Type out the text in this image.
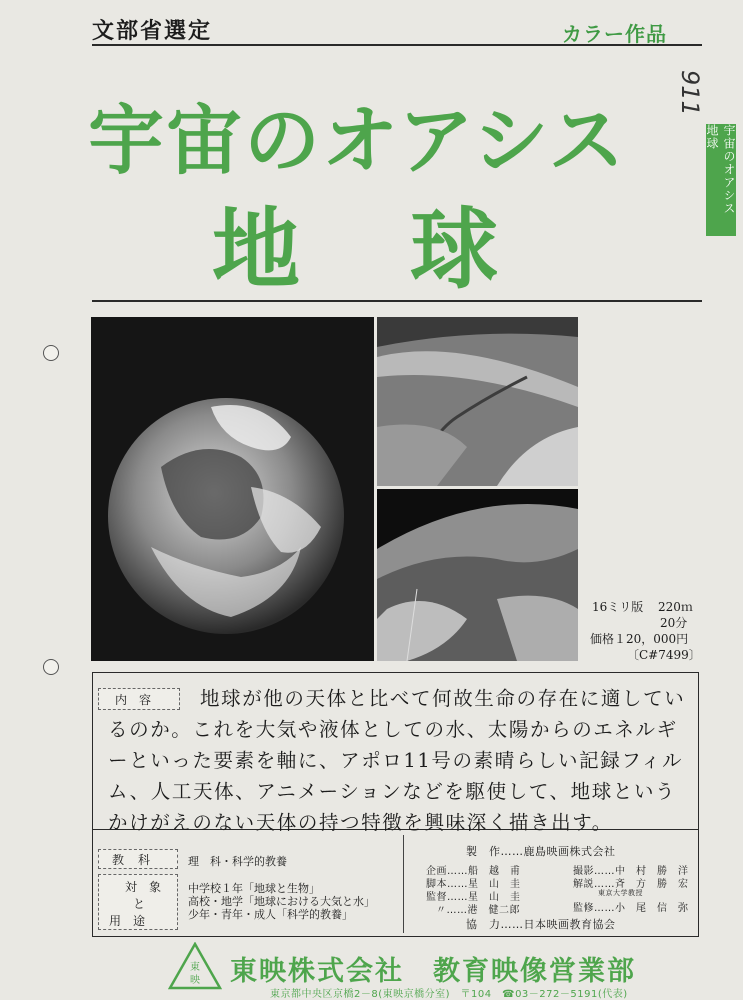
文部省選定	カラー作品
911
宇宙のオアシス
地球
宇宙のオアシス　地球
16ミリ版 220ｍ
20分
価格１20，000円
〔C#7499〕
地球が他の天体と比べて何故生命の存在に適しているのか。これを大気や液体としての水、太陽からのエネルギーといった要素を軸に、アポロ11号の素晴らしい記録フィルム、人工天体、アニメーションなどを駆使して、地球というかけがえのない天体の持つ特徴を興味深く描き出す。
内容
教科	理　科・科学的教養
対　象
と
用　途
中学校１年「地球と生物」
高校・地学「地球における大気と水」
少年・青年・成人「科学的教養」
製　作……鹿島映画株式会社
企画……船　越　甫
脚本……星　山　圭
監督……星　山　圭
〃……港　健二郎
撮影……中　村　勝　洋
解説……斉　方　勝　宏
東京大学教授
監修……小　尾　信　弥
協　力……日本映画教育協会
東
映 東映株式会社　教育映像営業部
東京都中央区京橋2－8(東映京橋分室)　〒104　☎03－272－5191(代表)
